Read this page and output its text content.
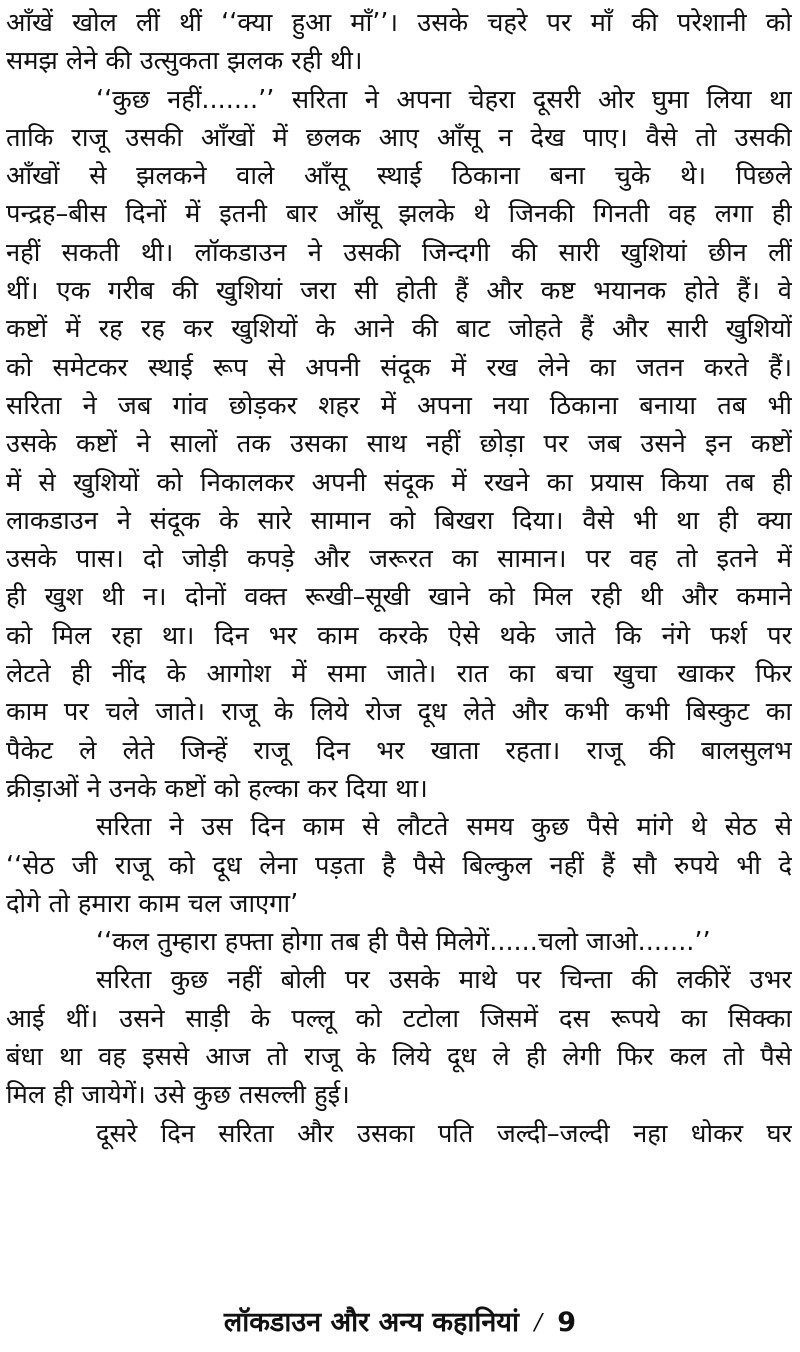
आँखें खोल लीं थीं ‘‘क्या हुआ माँ’’। उसके चहरे पर माँ की परेशानी को
समझ लेने की उत्सुकता झलक रही थी।
‘‘कुछ नहीं.......’’ सरिता ने अपना चेहरा दूसरी ओर घुमा लिया था
ताकि राजू उसकी आँखों में छलक आए आँसू न देख पाए। वैसे तो उसकी
आँखों से झलकने वाले आँसू स्थाई ठिकाना बना चुके थे। पिछले
पन्द्रह–बीस दिनों में इतनी बार आँसू झलके थे जिनकी गिनती वह लगा ही
नहीं सकती थी। लॉकडाउन ने उसकी जिन्दगी की सारी खुशियां छीन लीं
थीं। एक गरीब की खुशियां जरा सी होती हैं और कष्ट भयानक होते हैं। वे
कष्टों में रह रह कर खुशियों के आने की बाट जोहते हैं और सारी खुशियों
को समेटकर स्थाई रूप से अपनी संदूक में रख लेने का जतन करते हैं।
सरिता ने जब गांव छोड़कर शहर में अपना नया ठिकाना बनाया तब भी
उसके कष्टों ने सालों तक उसका साथ नहीं छोड़ा पर जब उसने इन कष्टों
में से खुशियों को निकालकर अपनी संदूक में रखने का प्रयास किया तब ही
लाकडाउन ने संदूक के सारे सामान को बिखरा दिया। वैसे भी था ही क्या
उसके पास। दो जोड़ी कपड़े और जरूरत का सामान। पर वह तो इतने में
ही खुश थी न। दोनों वक्त रूखी–सूखी खाने को मिल रही थी और कमाने
को मिल रहा था। दिन भर काम करके ऐसे थके जाते कि नंगे फर्श पर
लेटते ही नींद के आगोश में समा जाते। रात का बचा खुचा खाकर फिर
काम पर चले जाते। राजू के लिये रोज दूध लेते और कभी कभी बिस्कुट का
पैकेट ले लेते जिन्हें राजू दिन भर खाता रहता। राजू की बालसुलभ
क्रीड़ाओं ने उनके कष्टों को हल्का कर दिया था।
सरिता ने उस दिन काम से लौटते समय कुछ पैसे मांगे थे सेठ से
‘‘सेठ जी राजू को दूध लेना पड़ता है पैसे बिल्कुल नहीं हैं सौ रुपये भी दे
दोगे तो हमारा काम चल जाएगा’
‘‘कल तुम्हारा हफ्ता होगा तब ही पैसे मिलेगें......चलो जाओ.......’’
सरिता कुछ नहीं बोली पर उसके माथे पर चिन्ता की लकीरें उभर
आई थीं। उसने साड़ी के पल्लू को टटोला जिसमें दस रूपये का सिक्का
बंधा था वह इससे आज तो राजू के लिये दूध ले ही लेगी फिर कल तो पैसे
मिल ही जायेगें। उसे कुछ तसल्ली हुई।
दूसरे दिन सरिता और उसका पति जल्दी–जल्दी नहा धोकर घर
लॉकडाउन और अन्य कहानियां / 9
